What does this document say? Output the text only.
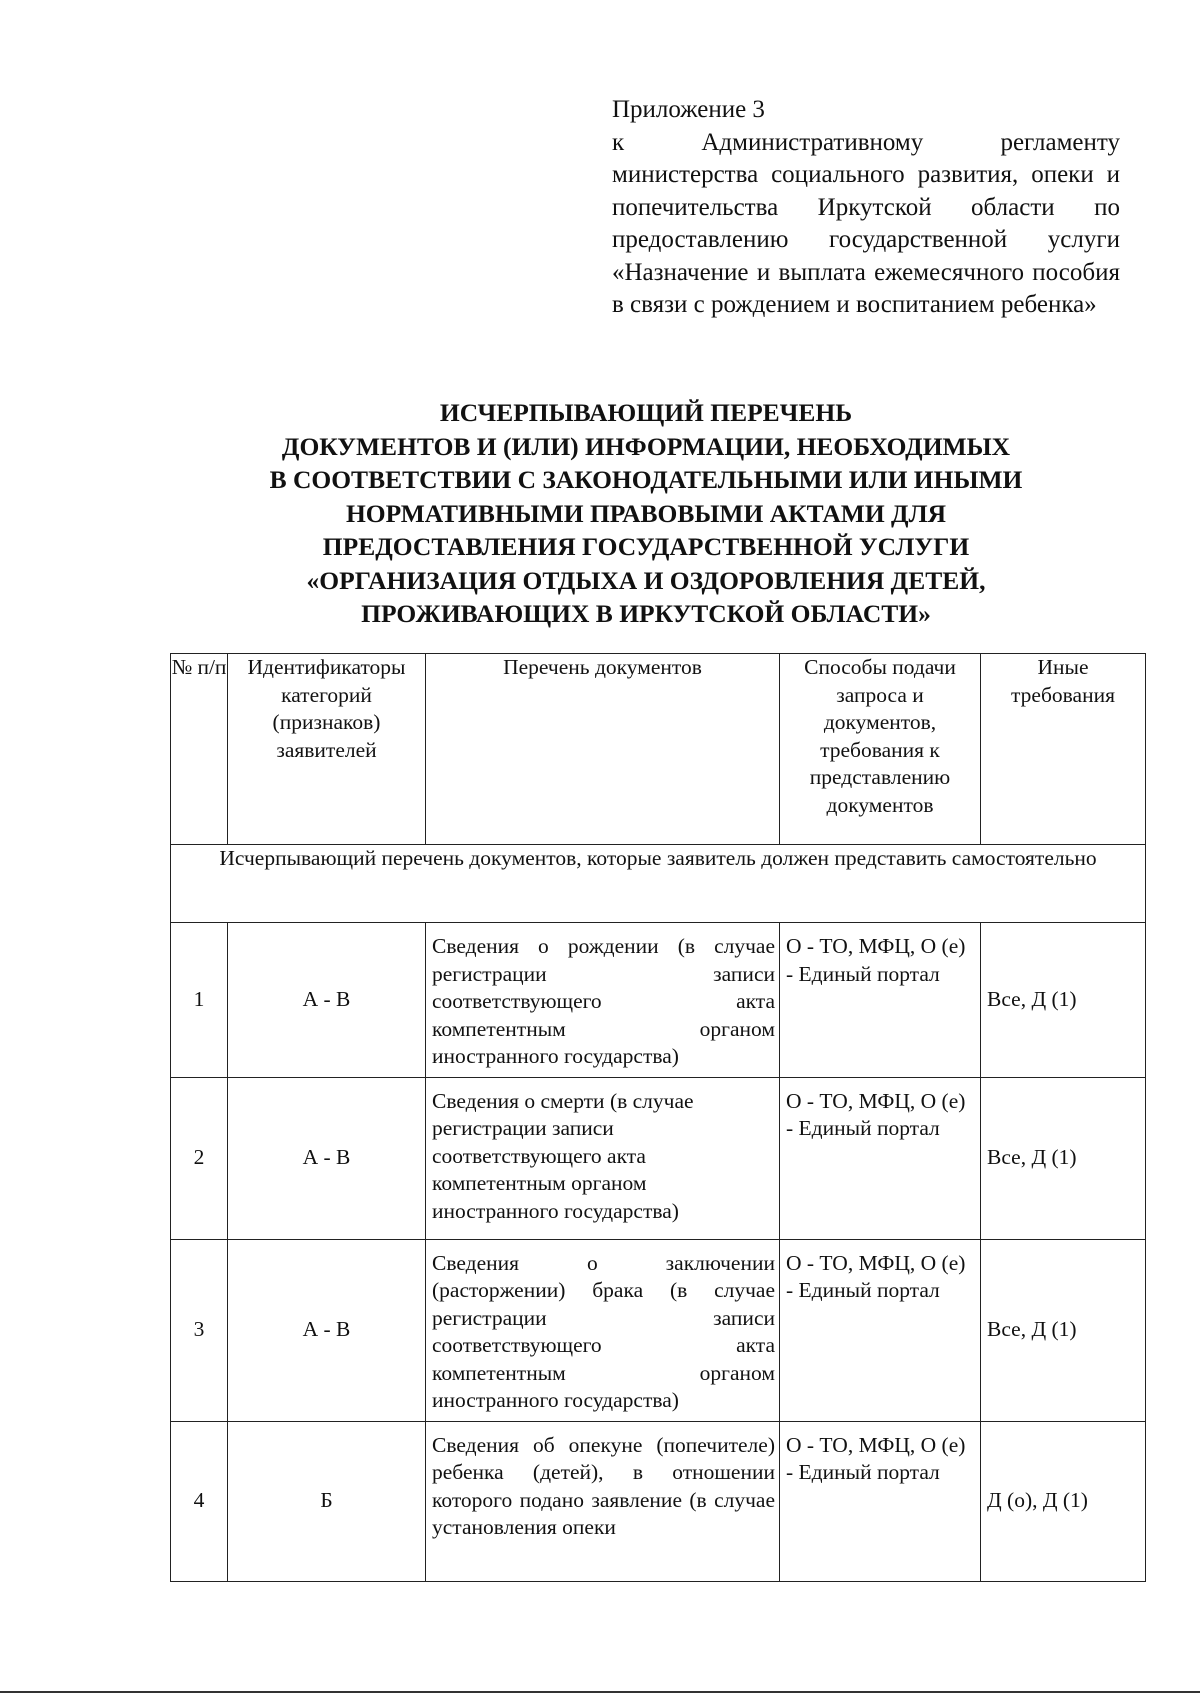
Приложение 3
к Административному регламенту министерства социального развития, опеки и попечительства Иркутской области по предоставлению государственной услуги «Назначение и выплата ежемесячного пособия в связи с рождением и воспитанием ребенка»
ИСЧЕРПЫВАЮЩИЙ ПЕРЕЧЕНЬ
ДОКУМЕНТОВ И (ИЛИ) ИНФОРМАЦИИ, НЕОБХОДИМЫХ
В СООТВЕТСТВИИ С ЗАКОНОДАТЕЛЬНЫМИ ИЛИ ИНЫМИ
НОРМАТИВНЫМИ ПРАВОВЫМИ АКТАМИ ДЛЯ
ПРЕДОСТАВЛЕНИЯ ГОСУДАРСТВЕННОЙ УСЛУГИ
«ОРГАНИЗАЦИЯ ОТДЫХА И ОЗДОРОВЛЕНИЯ ДЕТЕЙ,
ПРОЖИВАЮЩИХ В ИРКУТСКОЙ ОБЛАСТИ»
№ п/п	Идентификаторы категорий (признаков) заявителей	Перечень документов	Способы подачи запроса и документов, требования к представлению документов	Иные требования
Исчерпывающий перечень документов, которые заявитель должен представить самостоятельно				
1	А - В	Сведения о рождении (в случае регистрации записи соответствующего акта компетентным органом иностранного государства)	О - ТО, МФЦ, О (е) - Единый портал	Все, Д (1)
2	А - В	Сведения о смерти (в случае регистрации записи соответствующего акта компетентным органом иностранного государства)	О - ТО, МФЦ, О (е) - Единый портал	Все, Д (1)
3	А - В	Сведения о заключении (расторжении) брака (в случае регистрации записи соответствующего акта компетентным органом иностранного государства)	О - ТО, МФЦ, О (е) - Единый портал	Все, Д (1)
4	Б	Сведения об опекуне (попечителе) ребенка (детей), в отношении которого подано заявление (в случае установления опеки	О - ТО, МФЦ, О (е) - Единый портал	Д (о), Д (1)
